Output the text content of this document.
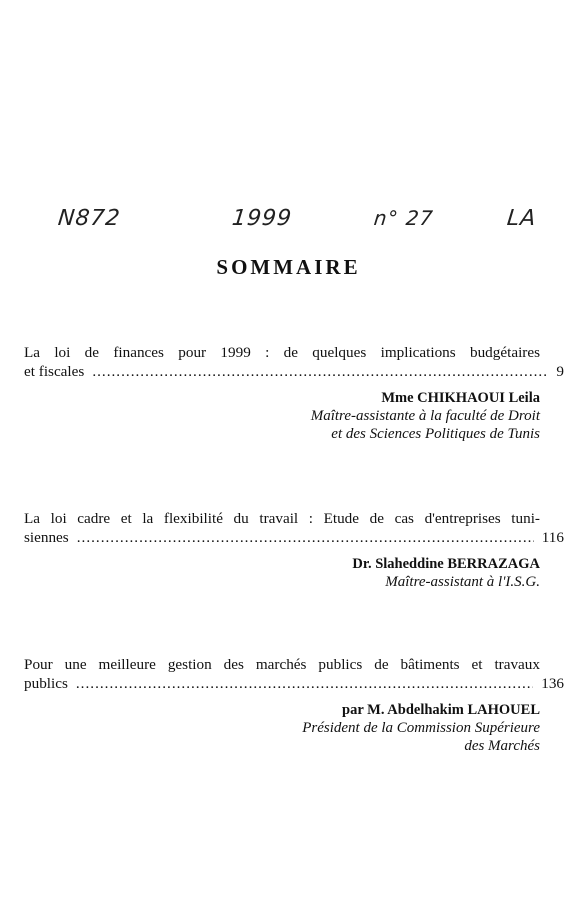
N872	1999	n° 27	LA
SOMMAIRE
La loi de finances pour 1999 : de quelques implications budgétaires
et fiscales .....	9
Mme CHIKHAOUI Leila
Maître-assistante à la faculté de Droit
et des Sciences Politiques de Tunis
La loi cadre et la flexibilité du travail : Etude de cas d'entreprises tuni-
siennes .....	116
Dr. Slaheddine BERRAZAGA
Maître-assistant à l'I.S.G.
Pour une meilleure gestion des marchés publics de bâtiments et travaux
publics .....	136
par M. Abdelhakim LAHOUEL
Président de la Commission Supérieure
des Marchés
